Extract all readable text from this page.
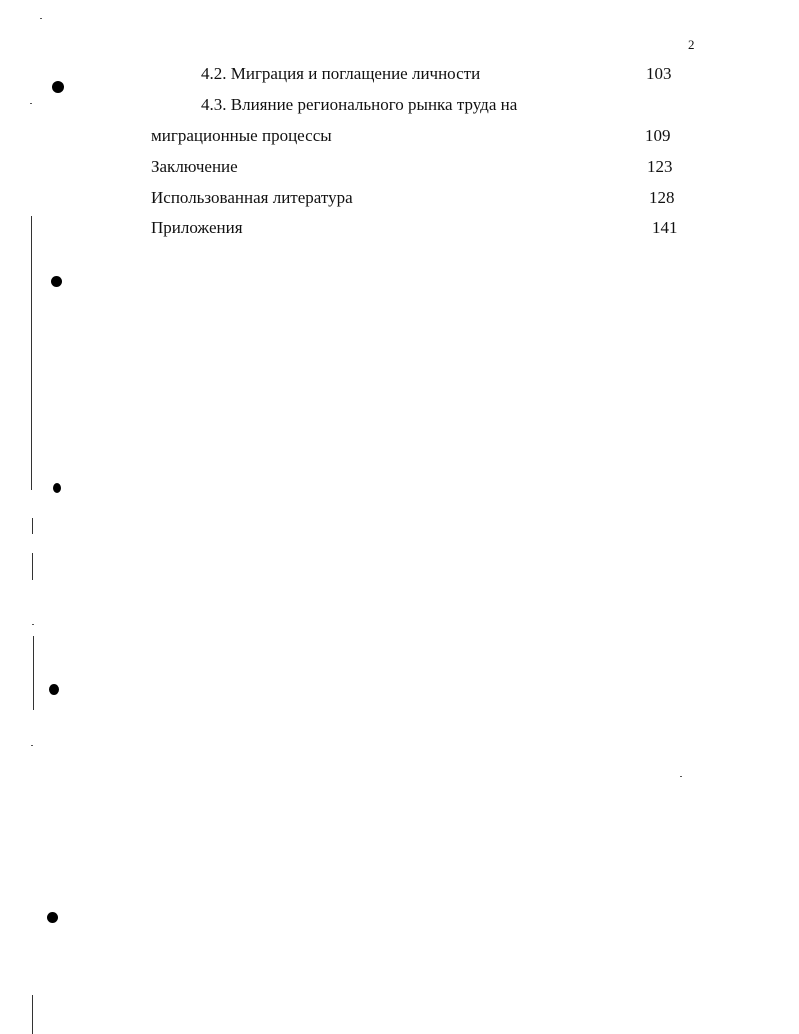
2
4.2. Миграция и поглащение личности	103
4.3. Влияние регионального рынка труда на
миграционные процессы	109
Заключение	123
Использованная литература	128
Приложения	141
